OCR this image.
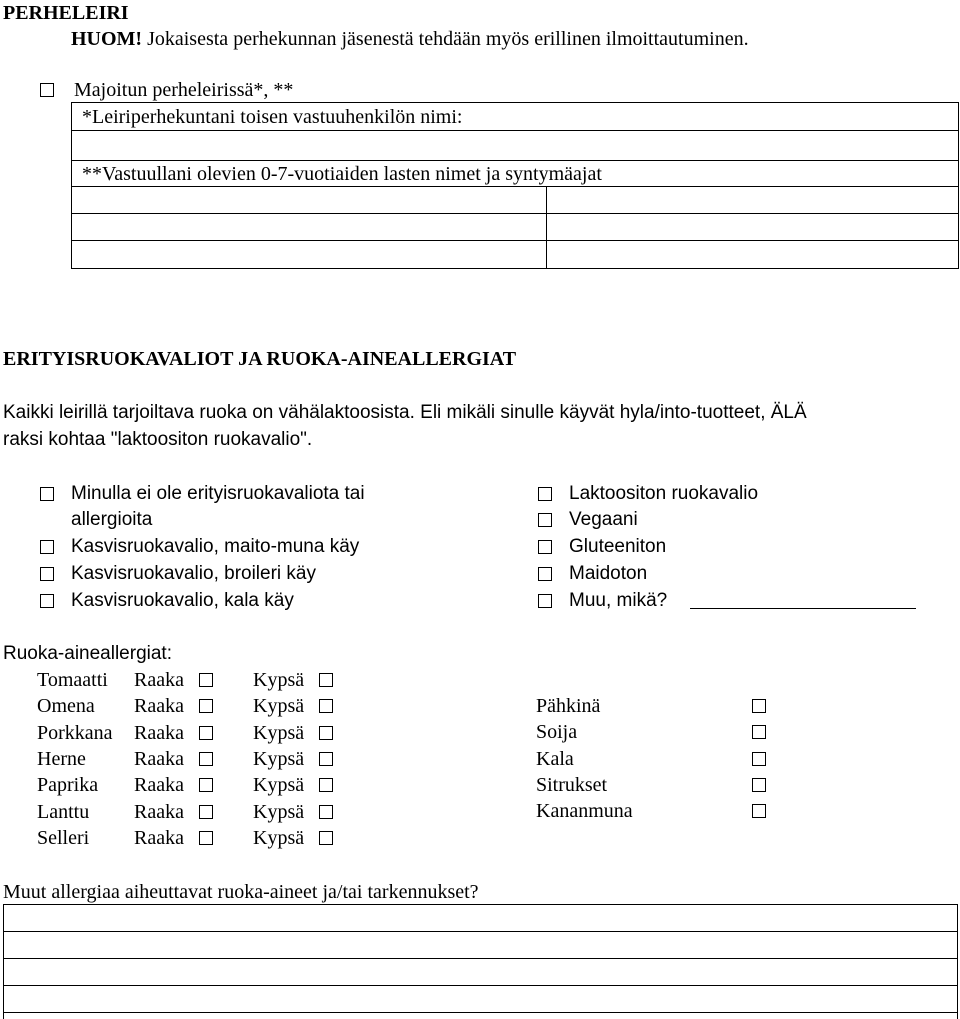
PERHELEIRI
HUOM! Jokaisesta perhekunnan jäsenestä tehdään myös erillinen ilmoittautuminen.
Majoitun perheleirissä*, **
*Leiriperhekuntani toisen vastuuhenkilön nimi:
**Vastuullani olevien 0-7-vuotiaiden lasten nimet ja syntymäajat
ERITYISRUOKAVALIOT JA RUOKA-AINEALLERGIAT
Kaikki leirillä tarjoiltava ruoka on vähälaktoosista. Eli mikäli sinulle käyvät hyla/into-tuotteet, ÄLÄ
raksi kohtaa "laktoositon ruokavalio".
Minulla ei ole erityisruokavaliota tai
allergioita
Kasvisruokavalio, maito-muna käy
Kasvisruokavalio, broileri käy
Kasvisruokavalio, kala käy
Laktoositon ruokavalio
Vegaani
Gluteeniton
Maidoton
Muu, mikä?
Ruoka-aineallergiat:
Tomaatti Raaka	Kypsä
Omena Raaka	Kypsä
Porkkana Raaka	Kypsä
Herne Raaka	Kypsä
Paprika Raaka	Kypsä
Lanttu Raaka	Kypsä
Selleri Raaka	Kypsä
Pähkinä
Soija
Kala
Sitrukset
Kananmuna
Muut allergiaa aiheuttavat ruoka-aineet ja/tai tarkennukset?
